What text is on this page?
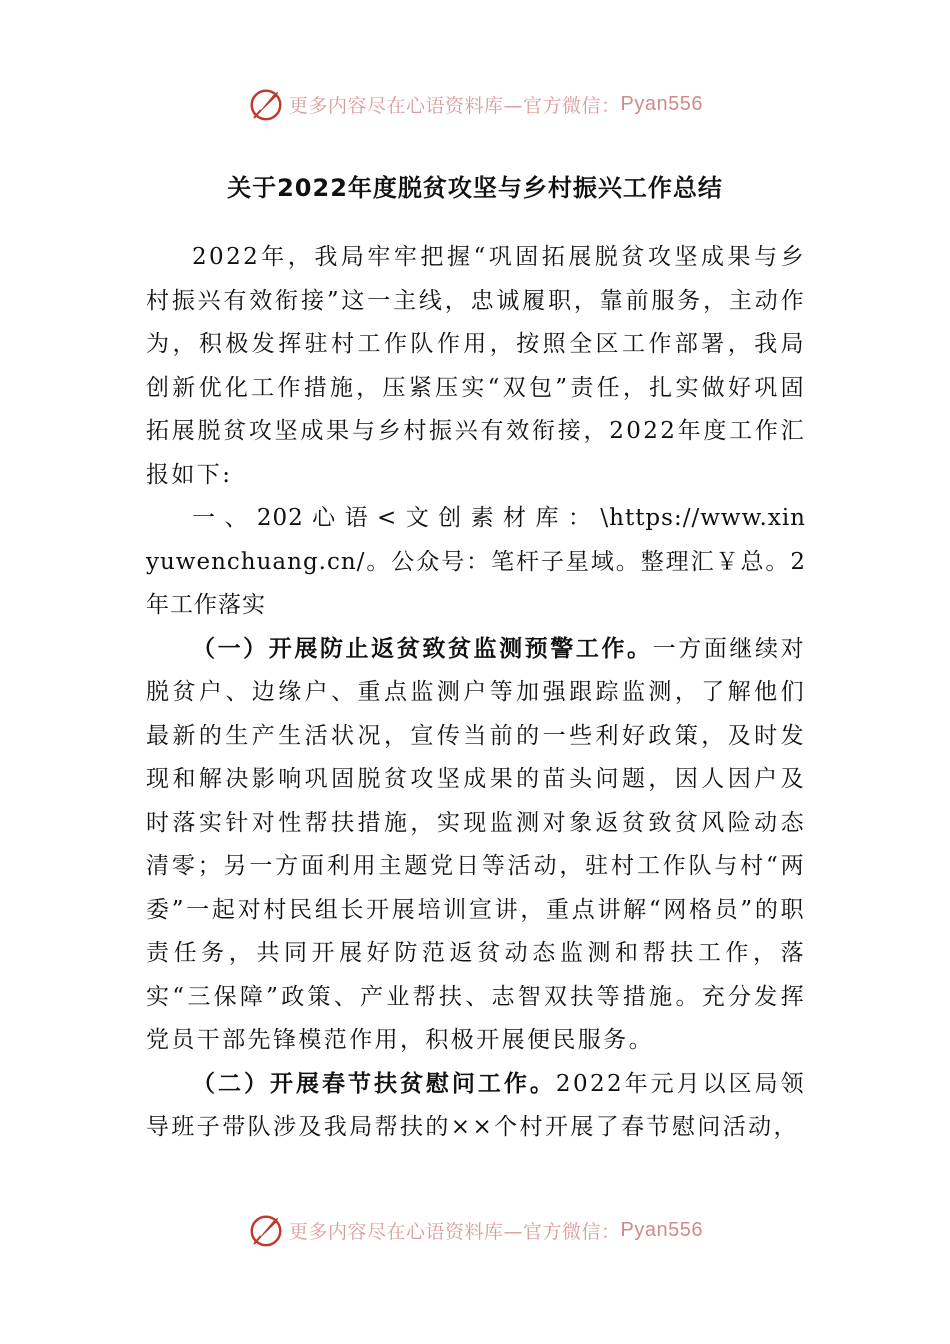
更多内容尽在心语资料库—官方微信： Pyan556
关于2022年度脱贫攻坚与乡村振兴工作总结

2022年，我局牢牢把握“巩固拓展脱贫攻坚成果与乡村振兴有效衔接”这一主线，忠诚履职，靠前服务，主动作为，积极发挥驻村工作队作用，按照全区工作部署，我局创新优化工作措施，压紧压实“双包”责任，扎实做好巩固拓展脱贫攻坚成果与乡村振兴有效衔接，2022年度工作汇报如下:

一 、 202 心 语 < 文 创 素 材 库 ： \https://www.xinyuwenchuang.cn/。公众号：笔杆子星域。整理汇￥总。2年工作落实

（一）开展防止返贫致贫监测预警工作。一方面继续对脱贫户、边缘户、重点监测户等加强跟踪监测，了解他们最新的生产生活状况，宣传当前的一些利好政策，及时发现和解决影响巩固脱贫攻坚成果的苗头问题，因人因户及时落实针对性帮扶措施，实现监测对象返贫致贫风险动态清零；另一方面利用主题党日等活动，驻村工作队与村“两委”一起对村民组长开展培训宣讲，重点讲解“网格员”的职责任务，共同开展好防范返贫动态监测和帮扶工作，落实“三保障”政策、产业帮扶、志智双扶等措施。充分发挥党员干部先锋模范作用，积极开展便民服务。

（二）开展春节扶贫慰问工作。2022年元月以区局领导班子带队涉及我局帮扶的××个村开展了春节慰问活动，

更多内容尽在心语资料库—官方微信： Pyan556
